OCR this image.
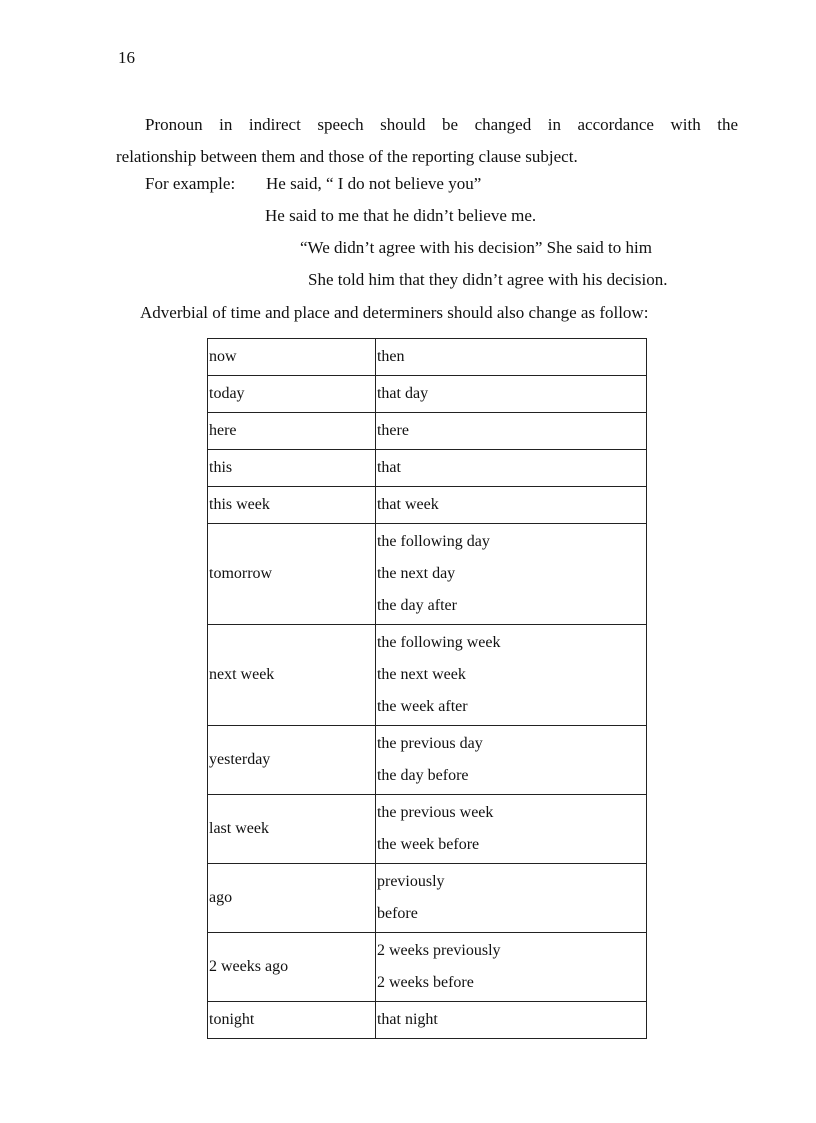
16
Pronoun in indirect speech should be changed in accordance with the
relationship between them and those of the reporting clause subject.
For example: He said, “ I do not believe you”
He said to me that he didn’t believe me.
“We didn’t agree with his decision” She said to him
She told him that they didn’t agree with his decision.
Adverbial of time and place and determiners should also change as follow:
now	then

today	that day

here	there

this	that

this week	that week

tomorrow	the following day
the next day
the day after

next week	the following week
the next week
the week after

yesterday	the previous day
the day before

last week	the previous week
the week before

ago	previously
before

2 weeks ago	2 weeks previously
2 weeks before

tonight	that night
